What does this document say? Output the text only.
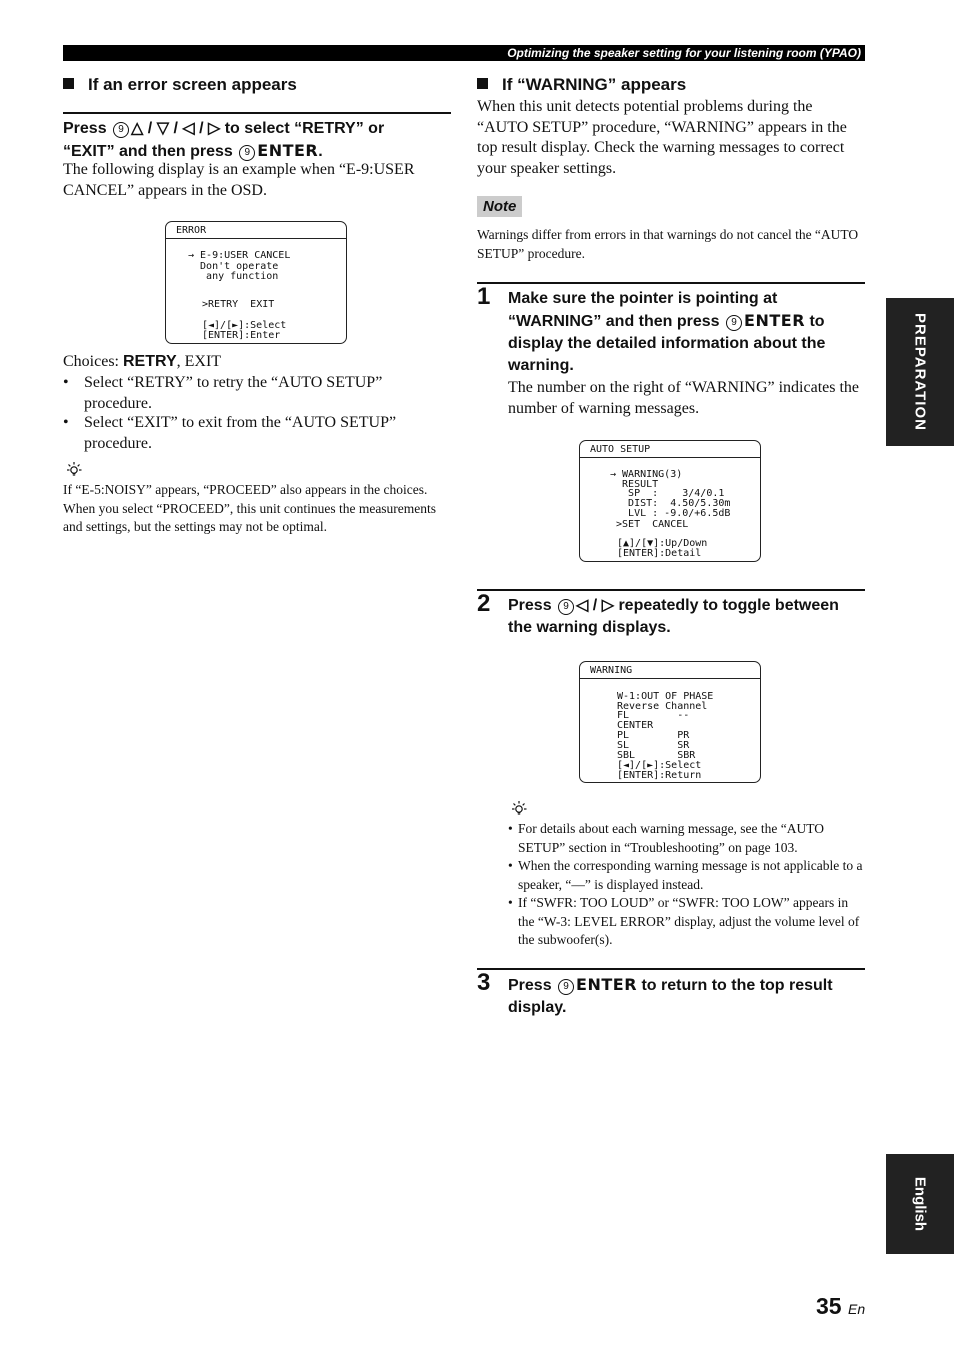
Optimizing the speaker setting for your listening room (YPAO)
If an error screen appears
Press 9 △ / ▽ / ◁ / ▷ to select “RETRY” or
“EXIT” and then press 9 ENTER.
The following display is an example when “E-9:USER CANCEL” appears in the OSD.
ERROR
→ E-9:USER CANCEL
Don't operate
any function
>RETRY  EXIT
[◄]/[►]:Select
[ENTER]:Enter
Choices: RETRY, EXIT
• Select “RETRY” to retry the “AUTO SETUP” procedure.
• Select “EXIT” to exit from the “AUTO SETUP” procedure.
If “E-5:NOISY” appears, “PROCEED” also appears in the choices. When you select “PROCEED”, this unit continues the measurements and settings, but the settings may not be optimal.
If “WARNING” appears
When this unit detects potential problems during the “AUTO SETUP” procedure, “WARNING” appears in the top result display. Check the warning messages to correct your speaker settings.
Note
Warnings differ from errors in that warnings do not cancel the “AUTO SETUP” procedure.
1 Make sure the pointer is pointing at
“WARNING” and then press 9 ENTER to
display the detailed information about the warning.
The number on the right of “WARNING” indicates the number of warning messages.
AUTO SETUP
→ WARNING(3)
RESULT
SP  :    3/4/0.1
DIST:  4.50/5.30m
LVL : -9.0/+6.5dB
>SET  CANCEL
[▲]/[▼]:Up/Down
[ENTER]:Detail
2 Press 9 ◁ / ▷ repeatedly to toggle between
the warning displays.
WARNING
W-1:OUT OF PHASE
Reverse Channel
FL        --
CENTER
PL        PR
SL        SR
SBL       SBR
[◄]/[►]:Select
[ENTER]:Return
• For details about each warning message, see the “AUTO SETUP” section in “Troubleshooting” on page 103.
• When the corresponding warning message is not applicable to a speaker, “––” is displayed instead.
• If “SWFR: TOO LOUD” or “SWFR: TOO LOW” appears in the “W-3: LEVEL ERROR” display, adjust the volume level of the subwoofer(s).
3 Press 9 ENTER to return to the top result
display.
PREPARATION
English
35 En
